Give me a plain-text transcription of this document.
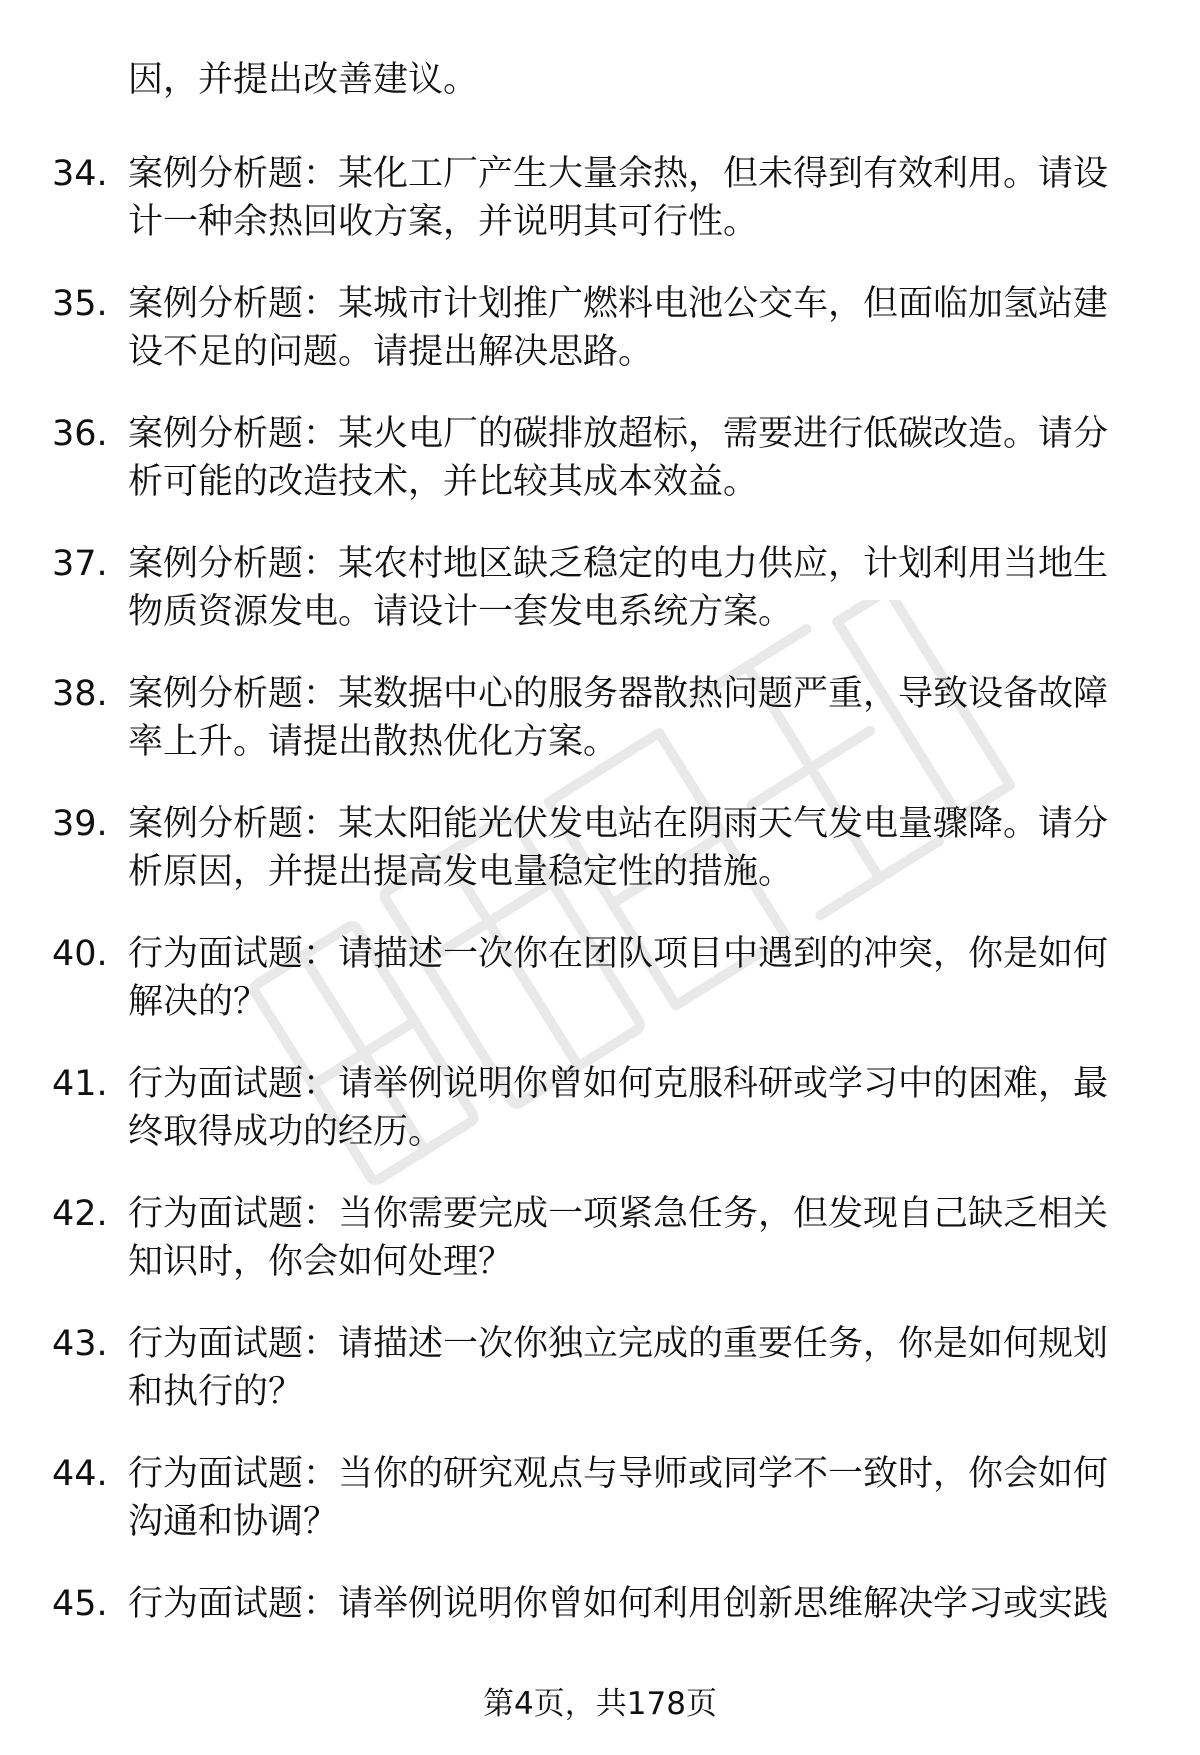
因，并提出改善建议。
34. 案例分析题：某化工厂产生大量余热，但未得到有效利用。请设
计一种余热回收方案，并说明其可行性。
35. 案例分析题：某城市计划推广燃料电池公交车，但面临加氢站建
设不足的问题。请提出解决思路。
36. 案例分析题：某火电厂的碳排放超标，需要进行低碳改造。请分
析可能的改造技术，并比较其成本效益。
37. 案例分析题：某农村地区缺乏稳定的电力供应，计划利用当地生
物质资源发电。请设计一套发电系统方案。
38. 案例分析题：某数据中心的服务器散热问题严重，导致设备故障
率上升。请提出散热优化方案。
39. 案例分析题：某太阳能光伏发电站在阴雨天气发电量骤降。请分
析原因，并提出提高发电量稳定性的措施。
40. 行为面试题：请描述一次你在团队项目中遇到的冲突，你是如何
解决的？
41. 行为面试题：请举例说明你曾如何克服科研或学习中的困难，最
终取得成功的经历。
42. 行为面试题：当你需要完成一项紧急任务，但发现自己缺乏相关
知识时，你会如何处理？
43. 行为面试题：请描述一次你独立完成的重要任务，你是如何规划
和执行的？
44. 行为面试题：当你的研究观点与导师或同学不一致时，你会如何
沟通和协调？
45. 行为面试题：请举例说明你曾如何利用创新思维解决学习或实践
第4页，共178页
